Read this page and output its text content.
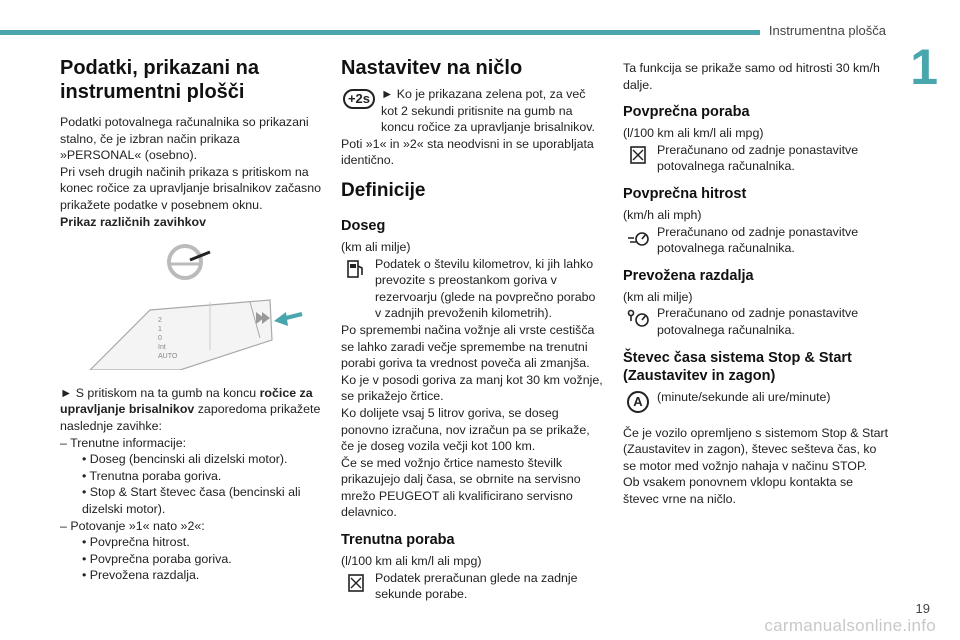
Instrumentna plošča
1
Podatki, prikazani na instrumentni plošči

Podatki potovalnega računalnika so prikazani stalno, če je izbran način prikaza »PERSONAL« (osebno).

Pri vseh drugih načinih prikaza s pritiskom na konec ročice za upravljanje brisalnikov začasno prikažete podatke v posebnem oknu.

Prikaz različnih zavihkov

2
1
0
Int
AUTO

► S pritiskom na ta gumb na koncu ročice za upravljanje brisalnikov zaporedoma prikažete naslednje zavihke:

– Trenutne informacije:

• Doseg (bencinski ali dizelski motor).

• Trenutna poraba goriva.

• Stop & Start števec časa (bencinski ali dizelski motor).

– Potovanje »1« nato »2«:

• Povprečna hitrost.

• Povprečna poraba goriva.

• Prevožena razdalja.

Nastavitev na ničlo
+2s

►	Ko je prikazana zelena pot, za več kot 2 sekundi pritisnite na gumb na koncu ročice za upravljanje brisalnikov.

Poti »1« in »2« sta neodvisni in se uporabljata identično.

Definicije
Doseg

(km ali milje)

Podatek o številu kilometrov, ki jih lahko prevozite s preostankom goriva v rezervoarju (glede na povprečno porabo v zadnjih prevoženih kilometrih).

Po spremembi načina vožnje ali vrste cestišča se lahko zaradi večje spremembe na trenutni porabi goriva ta vrednost poveča ali zmanjša.

Ko je v posodi goriva za manj kot 30 km vožnje, se prikažejo črtice.

Ko dolijete vsaj 5 litrov goriva, se doseg ponovno izračuna, nov izračun pa se prikaže, če je doseg vozila večji kot 100 km.

Če se med vožnjo črtice namesto številk prikazujejo dalj časa, se obrnite na servisno mrežo PEUGEOT ali kvalificirano servisno delavnico.

Trenutna poraba

(l/100 km ali km/l ali mpg)

Podatek preračunan glede na zadnje sekunde porabe.

Ta funkcija se prikaže samo od hitrosti 30 km/h dalje.

Povprečna poraba

(l/100 km ali km/l ali mpg)

Preračunano od zadnje ponastavitve potovalnega računalnika.

Povprečna hitrost

(km/h ali mph)

Preračunano od zadnje ponastavitve potovalnega računalnika.

Prevožena razdalja

(km ali milje)

Preračunano od zadnje ponastavitve potovalnega računalnika.

Števec časa sistema Stop & Start (Zaustavitev in zagon)
A	(minute/sekunde ali ure/minute)

Če je vozilo opremljeno s sistemom Stop & Start (Zaustavitev in zagon), števec sešteva čas, ko se motor med vožnjo nahaja v načinu STOP.

Ob vsakem ponovnem vklopu kontakta se števec vrne na ničlo.

carmanualsonline.info
19
